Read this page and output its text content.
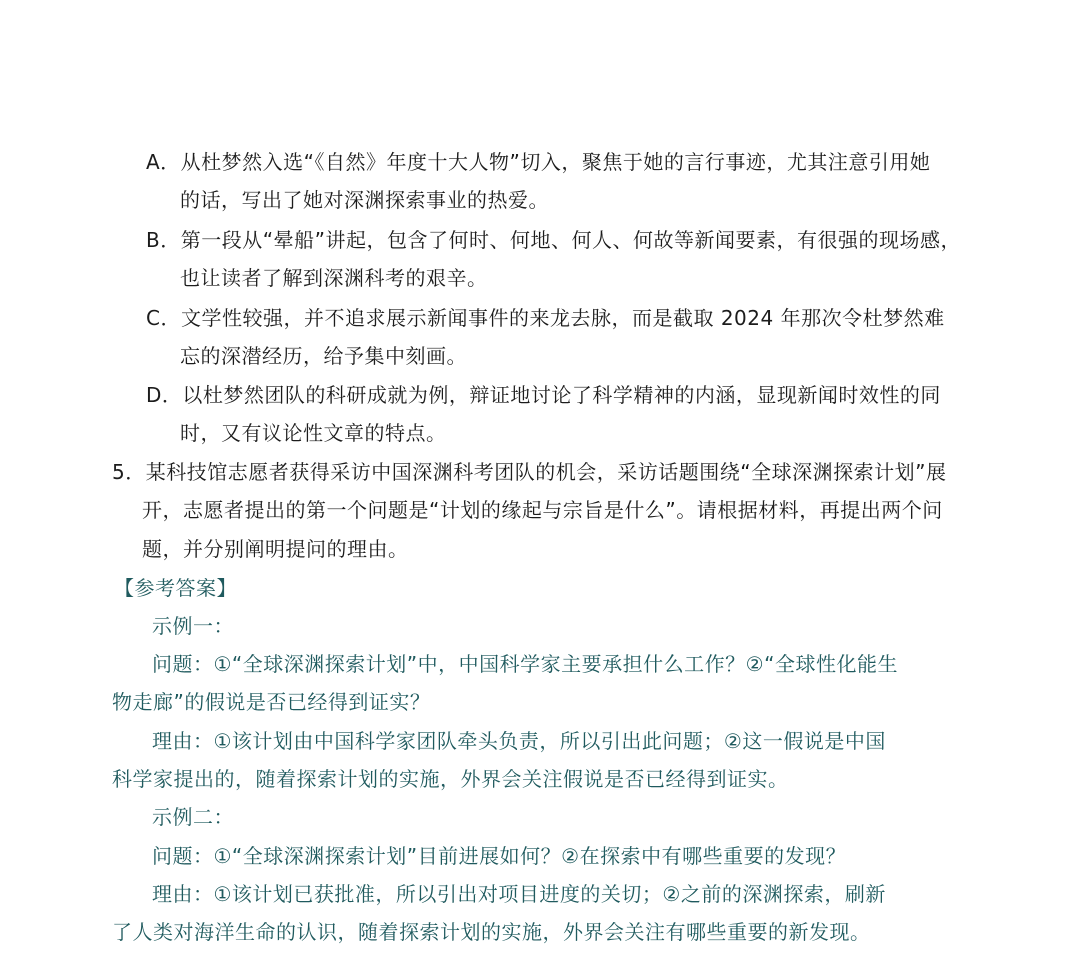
A．从杜梦然入选“《自然》年度十大人物”切入，聚焦于她的言行事迹，尤其注意引用她
的话，写出了她对深渊探索事业的热爱。
B．第一段从“晕船”讲起，包含了何时、何地、何人、何故等新闻要素，有很强的现场感，
也让读者了解到深渊科考的艰辛。
C．文学性较强，并不追求展示新闻事件的来龙去脉，而是截取 2024 年那次令杜梦然难
忘的深潜经历，给予集中刻画。
D．以杜梦然团队的科研成就为例，辩证地讨论了科学精神的内涵，显现新闻时效性的同
时，又有议论性文章的特点。
5．某科技馆志愿者获得采访中国深渊科考团队的机会，采访话题围绕“全球深渊探索计划”展
开，志愿者提出的第一个问题是“计划的缘起与宗旨是什么”。请根据材料，再提出两个问
题，并分别阐明提问的理由。
【参考答案】
示例一：
问题：①“全球深渊探索计划”中，中国科学家主要承担什么工作？②“全球性化能生
物走廊”的假说是否已经得到证实？
理由：①该计划由中国科学家团队牵头负责，所以引出此问题；②这一假说是中国
科学家提出的，随着探索计划的实施，外界会关注假说是否已经得到证实。
示例二：
问题：①“全球深渊探索计划”目前进展如何？②在探索中有哪些重要的发现？
理由：①该计划已获批准，所以引出对项目进度的关切；②之前的深渊探索，刷新
了人类对海洋生命的认识，随着探索计划的实施，外界会关注有哪些重要的新发现。
